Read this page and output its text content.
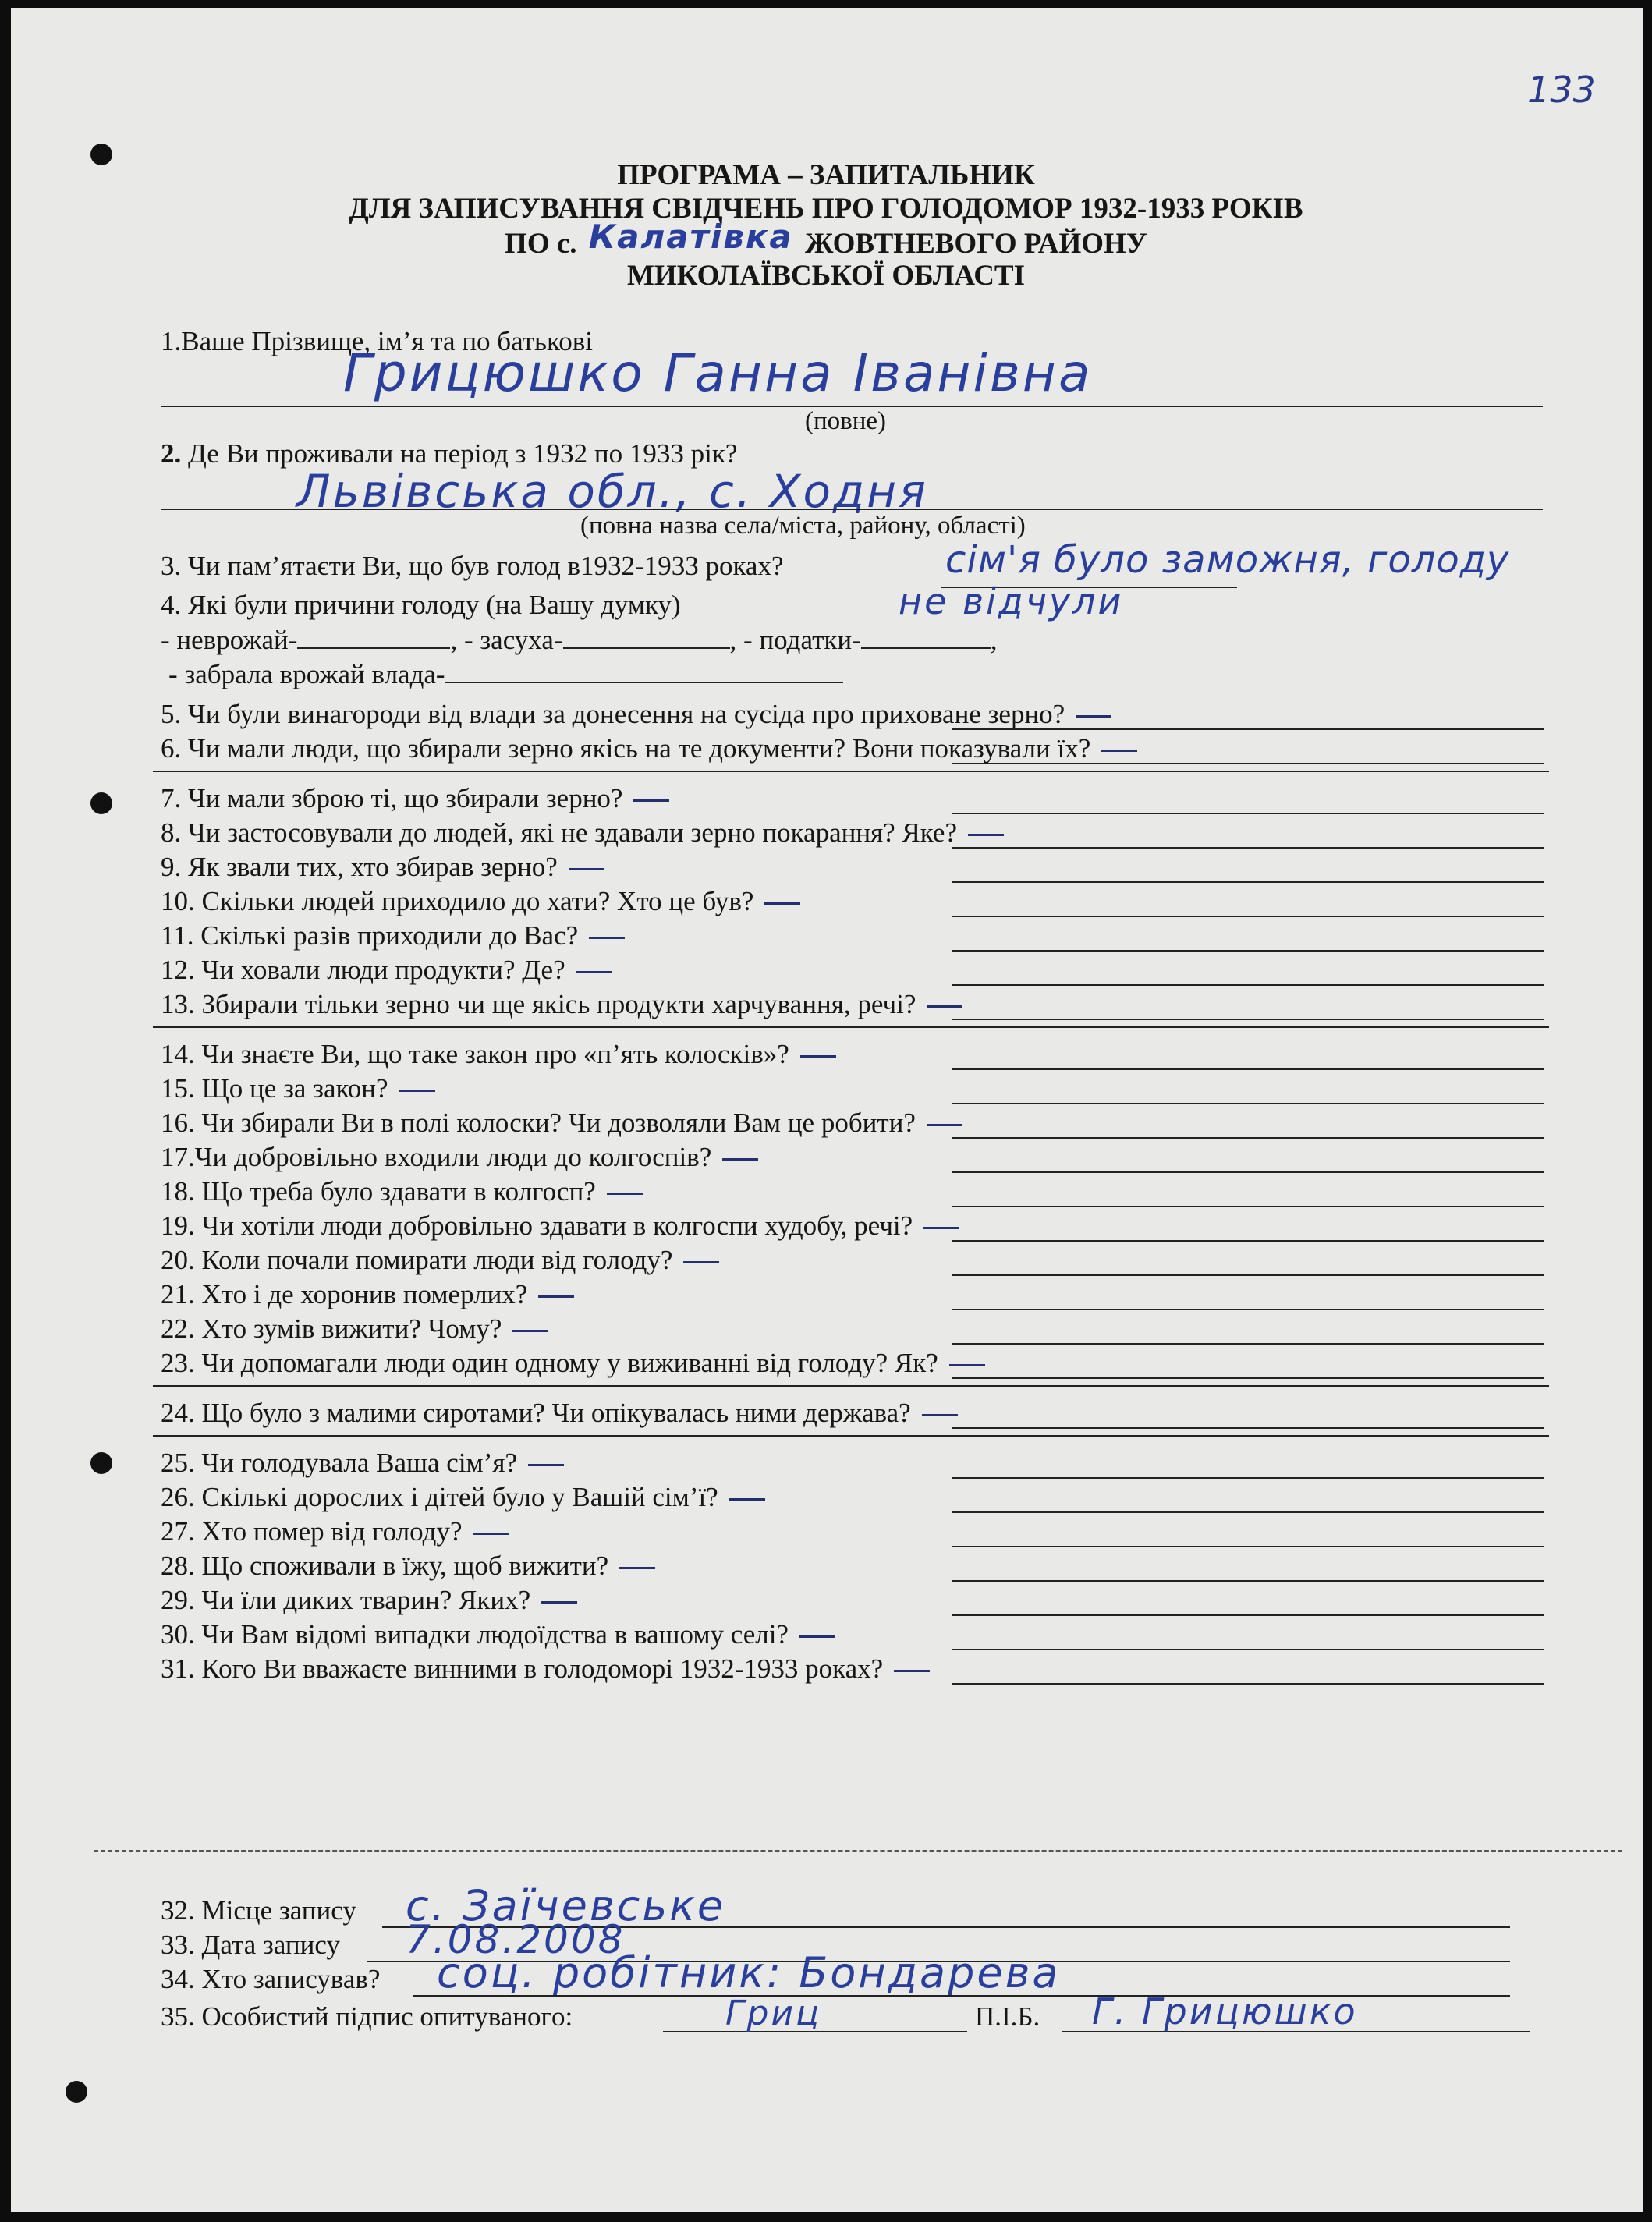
133
ПРОГРАМА – ЗАПИТАЛЬНИК
ДЛЯ ЗАПИСУВАННЯ СВІДЧЕНЬ ПРО ГОЛОДОМОР 1932-1933 РОКІВ
ПО с. Калатівка ЖОВТНЕВОГО РАЙОНУ
МИКОЛАЇВСЬКОЇ ОБЛАСТІ
1.Ваше Прізвище, ім’я та по батькові
Грицюшко Ганна Іванівна
(повне)
2. Де Ви проживали на період з 1932 по 1933 рік?
Львівська обл., с. Ходня
(повна назва села/міста, району, області)
3. Чи пам’ятаєти Ви, що був голод в1932-1933 роках?	сім'я було заможня, голоду
не відчули
4. Які були причини голоду (на Вашу думку)
- неврожай-	, - засуха-	, - податки-	,
- забрала врожай влада-
5. Чи були винагороди від влади за донесення на сусіда про приховане зерно?
6. Чи мали люди, що збирали зерно якісь на те документи? Вони показували їх?
7. Чи мали зброю ті, що збирали зерно?
8. Чи застосовували до людей, які не здавали зерно покарання? Яке?
9. Як звали тих, хто збирав зерно?
10. Скільки людей приходило до хати? Хто це був?
11. Скількі разів приходили до Вас?
12. Чи ховали люди продукти? Де?
13. Збирали тільки зерно чи ще якісь продукти харчування, речі?
14. Чи знаєте Ви, що таке закон про «п’ять колосків»?
15. Що це за закон?
16. Чи збирали Ви в полі колоски? Чи дозволяли Вам це робити?
17.Чи добровільно входили люди до колгоспів?
18. Що треба було здавати в колгосп?
19. Чи хотіли люди добровільно здавати в колгоспи худобу, речі?
20. Коли почали помирати люди від голоду?
21. Хто і де хоронив померлих?
22. Хто зумів вижити? Чому?
23. Чи допомагали люди один одному у виживанні від голоду? Як?
24. Що було з малими сиротами? Чи опікувалась ними держава?
25. Чи голодувала Ваша сім’я?
26. Скількі дорослих і дітей було у Вашій сім’ї?
27. Хто помер від голоду?
28. Що споживали в їжу, щоб вижити?
29. Чи їли диких тварин? Яких?
30. Чи Вам відомі випадки людоїдства в вашому селі?
31. Кого Ви вважаєте винними в голодоморі 1932-1933 роках?
32. Місце запису с. Заїчевське
33. Дата запису 7.08.2008
34. Хто записував? соц. робітник: Бондарева
35. Особистий підпис опитуваного:	Гриц	П.І.Б. Г. Грицюшко
